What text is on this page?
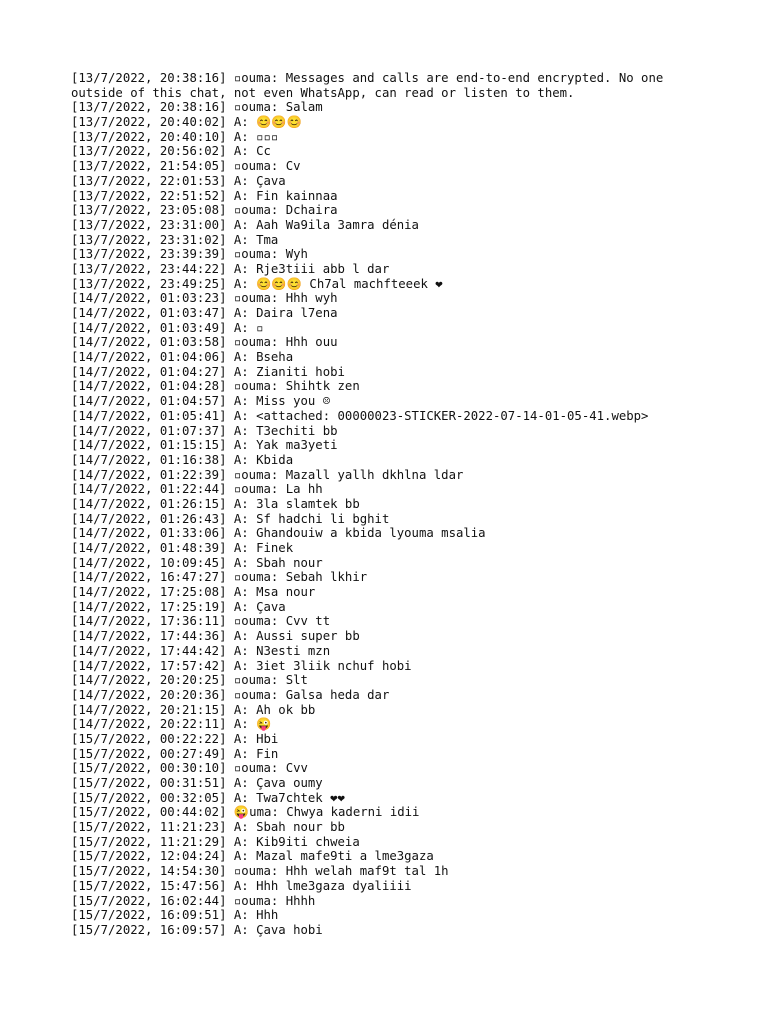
[13/7/2022, 20:38:16] ▫ouma: Messages and calls are end-to-end encrypted. No one
outside of this chat, not even WhatsApp, can read or listen to them.
[13/7/2022, 20:38:16] ▫ouma: Salam
[13/7/2022, 20:40:02] A: 😊😊😊
[13/7/2022, 20:40:10] A: ▫▫▫
[13/7/2022, 20:56:02] A: Cc
[13/7/2022, 21:54:05] ▫ouma: Cv
[13/7/2022, 22:01:53] A: Çava
[13/7/2022, 22:51:52] A: Fin kainnaa
[13/7/2022, 23:05:08] ▫ouma: Dchaira
[13/7/2022, 23:31:00] A: Aah Wa9ila 3amra dénia
[13/7/2022, 23:31:02] A: Tma
[13/7/2022, 23:39:39] ▫ouma: Wyh
[13/7/2022, 23:44:22] A: Rje3tiii abb l dar
[13/7/2022, 23:49:25] A: 😊😊😊 Ch7al machfteeek ❤
[14/7/2022, 01:03:23] ▫ouma: Hhh wyh
[14/7/2022, 01:03:47] A: Daira l7ena
[14/7/2022, 01:03:49] A: ▫
[14/7/2022, 01:03:58] ▫ouma: Hhh ouu
[14/7/2022, 01:04:06] A: Bseha
[14/7/2022, 01:04:27] A: Zianiti hobi
[14/7/2022, 01:04:28] ▫ouma: Shihtk zen
[14/7/2022, 01:04:57] A: Miss you ☹
[14/7/2022, 01:05:41] A: <attached: 00000023-STICKER-2022-07-14-01-05-41.webp>
[14/7/2022, 01:07:37] A: T3echiti bb
[14/7/2022, 01:15:15] A: Yak ma3yeti
[14/7/2022, 01:16:38] A: Kbida
[14/7/2022, 01:22:39] ▫ouma: Mazall yallh dkhlna ldar
[14/7/2022, 01:22:44] ▫ouma: La hh
[14/7/2022, 01:26:15] A: 3la slamtek bb
[14/7/2022, 01:26:43] A: Sf hadchi li bghit
[14/7/2022, 01:33:06] A: Ghandouiw a kbida lyouma msalia
[14/7/2022, 01:48:39] A: Finek
[14/7/2022, 10:09:45] A: Sbah nour
[14/7/2022, 16:47:27] ▫ouma: Sebah lkhir
[14/7/2022, 17:25:08] A: Msa nour
[14/7/2022, 17:25:19] A: Çava
[14/7/2022, 17:36:11] ▫ouma: Cvv tt
[14/7/2022, 17:44:36] A: Aussi super bb
[14/7/2022, 17:44:42] A: N3esti mzn
[14/7/2022, 17:57:42] A: 3iet 3liik nchuf hobi
[14/7/2022, 20:20:25] ▫ouma: Slt
[14/7/2022, 20:20:36] ▫ouma: Galsa heda dar
[14/7/2022, 20:21:15] A: Ah ok bb
[14/7/2022, 20:22:11] A: 😜
[15/7/2022, 00:22:22] A: Hbi
[15/7/2022, 00:27:49] A: Fin
[15/7/2022, 00:30:10] ▫ouma: Cvv
[15/7/2022, 00:31:51] A: Çava oumy
[15/7/2022, 00:32:05] A: Twa7chtek ❤❤
[15/7/2022, 00:44:02] 😜uma: Chwya kaderni idii
[15/7/2022, 11:21:23] A: Sbah nour bb
[15/7/2022, 11:21:29] A: Kib9iti chweia
[15/7/2022, 12:04:24] A: Mazal mafe9ti a lme3gaza
[15/7/2022, 14:54:30] ▫ouma: Hhh welah maf9t tal 1h
[15/7/2022, 15:47:56] A: Hhh lme3gaza dyaliiii
[15/7/2022, 16:02:44] ▫ouma: Hhhh
[15/7/2022, 16:09:51] A: Hhh
[15/7/2022, 16:09:57] A: Çava hobi
